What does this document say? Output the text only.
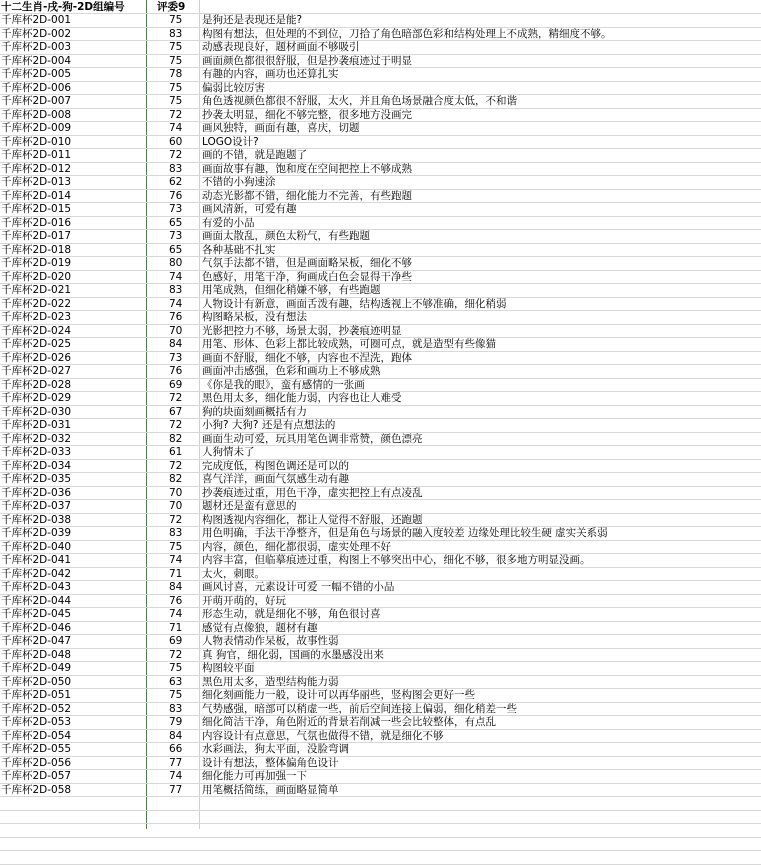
十二生肖-戌-狗-2D组编号	评委9
千库杯2D-001	75	是狗还是表现还是能?
千库杯2D-002	83	构图有想法，但处理的不到位，刀拾了角色暗部色彩和结构处理上不成熟，精细度不够。
千库杯2D-003	75	动感表现良好，题材画面不够吸引
千库杯2D-004	75	画面颜色都很很舒服，但是抄袭痕迹过于明显
千库杯2D-005	78	有趣的内容，画功也还算扎实
千库杯2D-006	75	偏弱比较厉害
千库杯2D-007	75	角色透视颜色都很不舒服，太火，并且角色场景融合度太低，不和谐
千库杯2D-008	72	抄袭太明显，细化不够完整，很多地方没画完
千库杯2D-009	74	画风独特，画面有趣，喜庆，切题
千库杯2D-010	60	LOGO设计?
千库杯2D-011	72	画的不错，就是跑题了
千库杯2D-012	83	画面故事有趣，饱和度在空间把控上不够成熟
千库杯2D-013	62	不错的小狗速涂
千库杯2D-014	76	动态光影都不错，细化能力不完善，有些跑题
千库杯2D-015	73	画风清新，可爱有趣
千库杯2D-016	65	有爱的小品
千库杯2D-017	73	画面太散乱，颜色太粉气，有些跑题
千库杯2D-018	65	各种基础不扎实
千库杯2D-019	80	气氛手法都不错，但是画面略呆板，细化不够
千库杯2D-020	74	色感好，用笔干净，狗画成白色会显得干净些
千库杯2D-021	83	用笔成熟，但细化稍嫌不够，有些跑题
千库杯2D-022	74	人物设计有新意，画面舌泼有趣，结构透视上不够准确，细化稍弱
千库杯2D-023	76	构图略呆板，没有想法
千库杯2D-024	70	光影把控力不够，场景太弱，抄袭痕迹明显
千库杯2D-025	84	用笔、形体、色彩上都比较成熟，可圈可点，就是造型有些像猫
千库杯2D-026	73	画面不舒服，细化不够，内容也不涅洗，跑体
千库杯2D-027	76	画面冲击感强，色彩和画功上不够成熟
千库杯2D-028	69	《你是我的眼》，蛮有感情的一张画
千库杯2D-029	72	黑色用太多，细化能力弱，内容也让人难受
千库杯2D-030	67	狗的块面刻画概括有力
千库杯2D-031	72	小狗? 大狗? 还是有点想法的
千库杯2D-032	82	画面生动可爱，玩具用笔色调非常赞，颜色漂亮
千库杯2D-033	61	人狗情未了
千库杯2D-034	72	完成度低，构图色调还是可以的
千库杯2D-035	82	喜气洋洋，画面气氛感生动有趣
千库杯2D-036	70	抄袭痕迹过重，用色干净，虚实把控上有点凌乱
千库杯2D-037	70	题材还是蛮有意思的
千库杯2D-038	72	构图透视内容细化，都让人觉得不舒服，还跑题
千库杯2D-039	83	用色明确，手法干净整齐，但是角色与场景的融入度较差 边缘处理比较生硬 虚实关系弱
千库杯2D-040	75	内容，颜色，细化都很弱，虚实处理不好
千库杯2D-041	74	内容丰富，但临摹痕迹过重，构图上不够突出中心，细化不够，很多地方明显没画。
千库杯2D-042	71	太火，刺眼。
千库杯2D-043	84	画风讨喜，元素设计可爱 一幅不错的小品
千库杯2D-044	76	开萌开萌的，好玩
千库杯2D-045	74	形态生动，就是细化不够，角色很讨喜
千库杯2D-046	71	感觉有点像狼，题材有趣
千库杯2D-047	69	人物表情动作呆板，故事性弱
千库杯2D-048	72	真 狗官，细化弱，国画的水墨感没出来
千库杯2D-049	75	构图较平面
千库杯2D-050	63	黑色用太多，造型结构能力弱
千库杯2D-051	75	细化刻画能力一般，设计可以再华丽些，竖构图会更好一些
千库杯2D-052	83	气势感强，暗部可以稍虚一些，前后空间连接上偏弱，细化稍差一些
千库杯2D-053	79	细化简洁干净，角色附近的背景若削减一些会比较整体，有点乱
千库杯2D-054	84	内容设计有点意思，气氛也做得不错，就是细化不够
千库杯2D-055	66	水彩画法，狗太平面，没脸弯调
千库杯2D-056	77	设计有想法，整体偏角色设计
千库杯2D-057	74	细化能力可再加强一下
千库杯2D-058	77	用笔概括简练，画面略显简单
